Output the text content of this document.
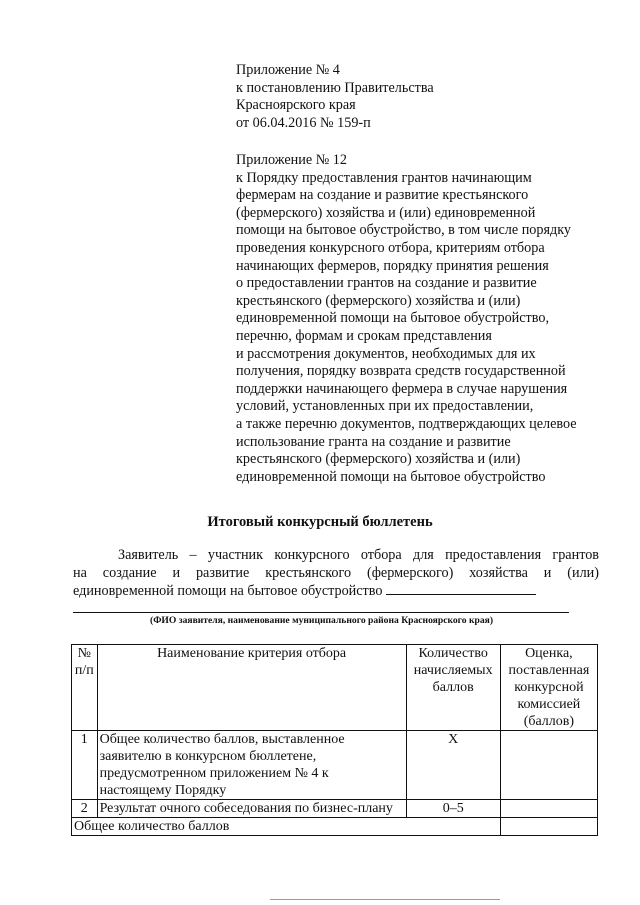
Приложение № 4
к постановлению Правительства
Красноярского края
от 06.04.2016 № 159-п
Приложение № 12
к Порядку предоставления грантов начинающим
фермерам на создание и развитие крестьянского
(фермерского) хозяйства и (или) единовременной
помощи на бытовое обустройство, в том числе порядку
проведения конкурсного отбора, критериям отбора
начинающих фермеров, порядку принятия решения
о предоставлении грантов на создание и развитие
крестьянского (фермерского) хозяйства и (или)
единовременной помощи на бытовое обустройство,
перечню, формам и срокам представления
и рассмотрения документов, необходимых для их
получения, порядку возврата средств государственной
поддержки начинающего фермера в случае нарушения
условий, установленных при их предоставлении,
а также перечню документов, подтверждающих целевое
использование гранта на создание и развитие
крестьянского (фермерского) хозяйства и (или)
единовременной помощи на бытовое обустройство
Итоговый конкурсный бюллетень
Заявитель – участник конкурсного отбора для предоставления грантов
на создание и развитие крестьянского (фермерского) хозяйства и (или)
единовременной помощи на бытовое обустройство
(ФИО заявителя, наименование муниципального района Красноярского края)
№ п/п	Наименование критерия отбора	Количество начисляемых баллов	Оценка, поставленная конкурсной комиссией (баллов)
1	Общее количество баллов, выставленное заявителю в конкурсном бюллетене, предусмотренном приложением № 4 к настоящему Порядку	Х	
2	Результат очного собеседования по бизнес-плану	0–5	
Общее количество баллов			
